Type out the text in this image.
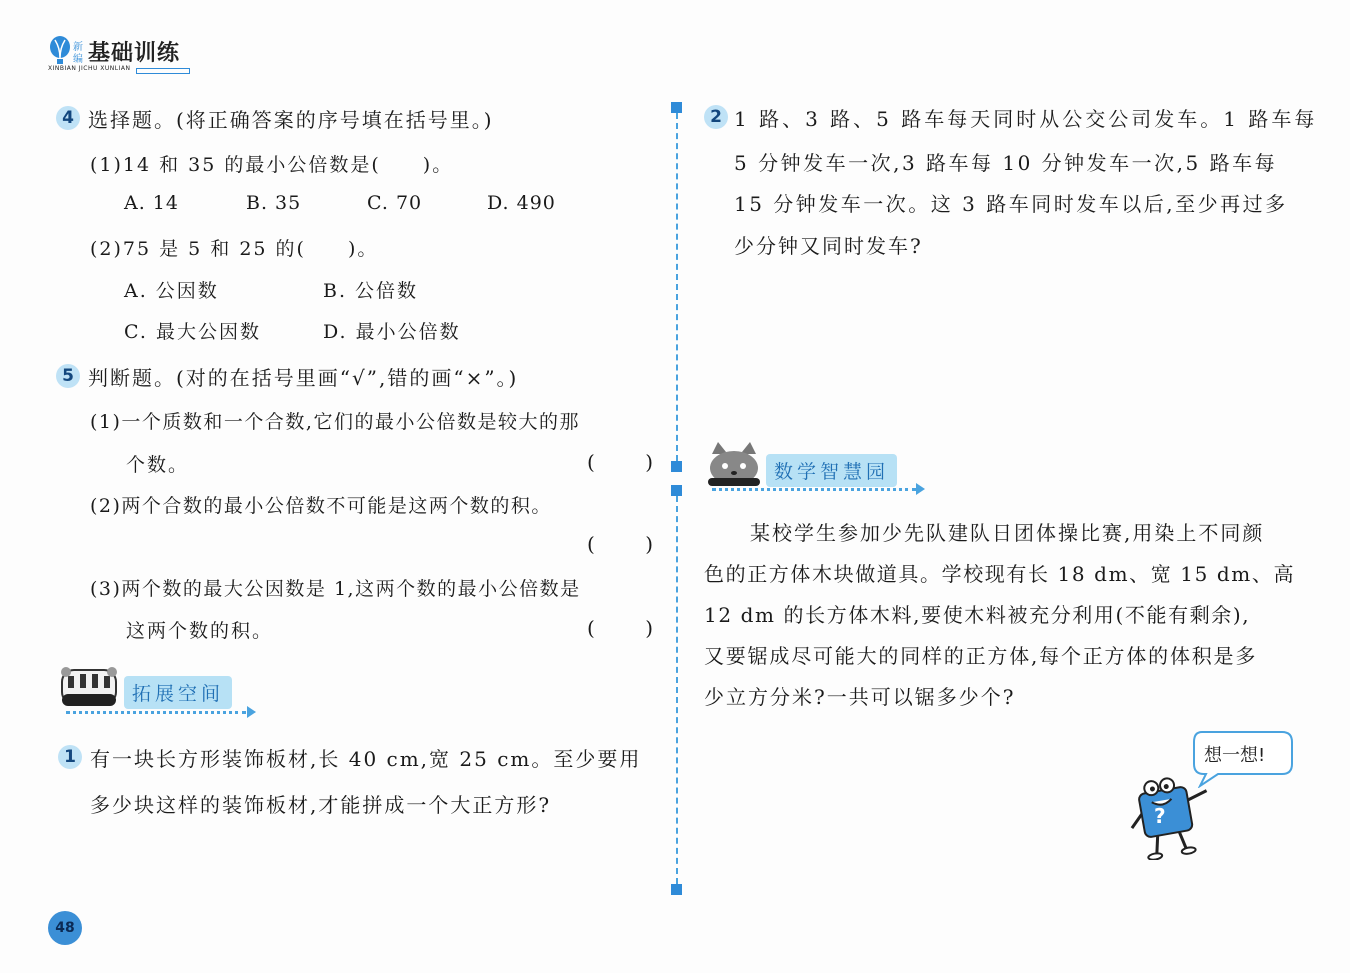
新
编 基础训练
XINBIAN JICHU XUNLIAN
4 选择题。(将正确答案的序号填在括号里。)
(1)14 和 35 的最小公倍数是(　　)。
A. 14	B. 35	C. 70	D. 490
(2)75 是 5 和 25 的(　　)。
A. 公因数	B. 公倍数
C. 最大公因数	D. 最小公倍数
5 判断题。(对的在括号里画“√”,错的画“×”。)
(1)一个质数和一个合数,它们的最小公倍数是较大的那
个数。	(	)
(2)两个合数的最小公倍数不可能是这两个数的积。
(	)
(3)两个数的最大公因数是 1,这两个数的最小公倍数是
这两个数的积。	(	)
拓展空间
1 有一块长方形装饰板材,长 40 cm,宽 25 cm。至少要用
多少块这样的装饰板材,才能拼成一个大正方形?
48
2 1 路、3 路、5 路车每天同时从公交公司发车。1 路车每
5 分钟发车一次,3 路车每 10 分钟发车一次,5 路车每
15 分钟发车一次。这 3 路车同时发车以后,至少再过多
少分钟又同时发车?
数学智慧园
某校学生参加少先队建队日团体操比赛,用染上不同颜
色的正方体木块做道具。学校现有长 18 dm、宽 15 dm、高
12 dm 的长方体木料,要使木料被充分利用(不能有剩余),
又要锯成尽可能大的同样的正方体,每个正方体的体积是多
少立方分米?一共可以锯多少个?
想一想!
?
